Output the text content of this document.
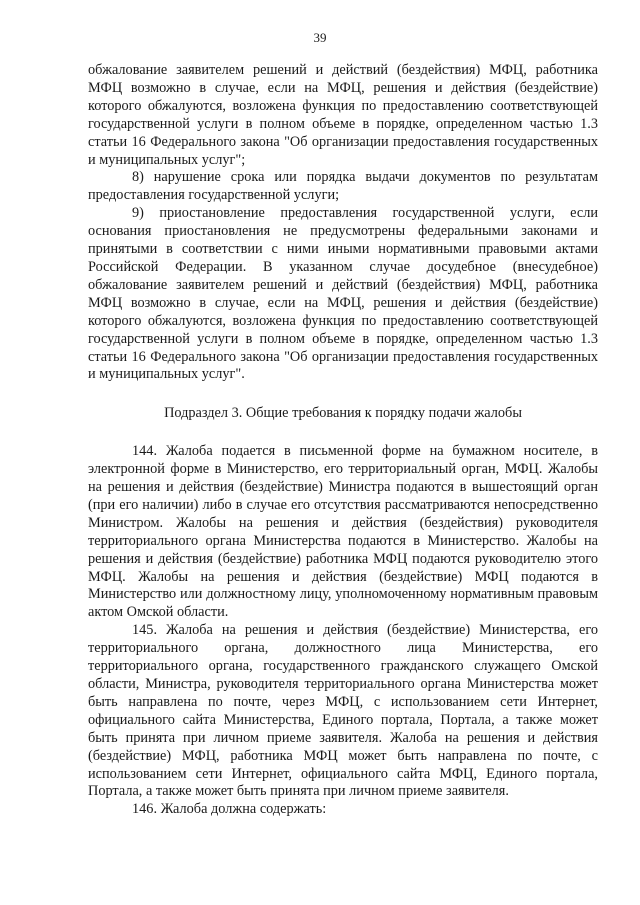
39

обжалование заявителем решений и действий (бездействия) МФЦ, работника МФЦ возможно в случае, если на МФЦ, решения и действия (бездействие) которого обжалуются, возложена функция по предоставлению соответствующей государственной услуги в полном объеме в порядке, определенном частью 1.3 статьи 16 Федерального закона "Об организации предоставления государственных и муниципальных услуг";

8) нарушение срока или порядка выдачи документов по результатам предоставления государственной услуги;

9) приостановление предоставления государственной услуги, если основания приостановления не предусмотрены федеральными законами и принятыми в соответствии с ними иными нормативными правовыми актами Российской Федерации. В указанном случае досудебное (внесудебное) обжалование заявителем решений и действий (бездействия) МФЦ, работника МФЦ возможно в случае, если на МФЦ, решения и действия (бездействие) которого обжалуются, возложена функция по предоставлению соответствующей государственной услуги в полном объеме в порядке, определенном частью 1.3 статьи 16 Федерального закона "Об организации предоставления государственных и муниципальных услуг".

Подраздел 3. Общие требования к порядку подачи жалобы

144. Жалоба подается в письменной форме на бумажном носителе, в электронной форме в Министерство, его территориальный орган, МФЦ. Жалобы на решения и действия (бездействие) Министра подаются в вышестоящий орган (при его наличии) либо в случае его отсутствия рассматриваются непосредственно Министром. Жалобы на решения и действия (бездействия) руководителя территориального органа Министерства подаются в Министерство. Жалобы на решения и действия (бездействие) работника МФЦ подаются руководителю этого МФЦ. Жалобы на решения и действия (бездействие) МФЦ подаются в Министерство или должностному лицу, уполномоченному нормативным правовым актом Омской области.

145. Жалоба на решения и действия (бездействие) Министерства, его территориального органа, должностного лица Министерства, его территориального органа, государственного гражданского служащего Омской области, Министра, руководителя территориального органа Министерства может быть направлена по почте, через МФЦ, с использованием сети Интернет, официального сайта Министерства, Единого портала, Портала, а также может быть принята при личном приеме заявителя. Жалоба на решения и действия (бездействие) МФЦ, работника МФЦ может быть направлена по почте, с использованием сети Интернет, официального сайта МФЦ, Единого портала, Портала, а также может быть принята при личном приеме заявителя.

146. Жалоба должна содержать:
